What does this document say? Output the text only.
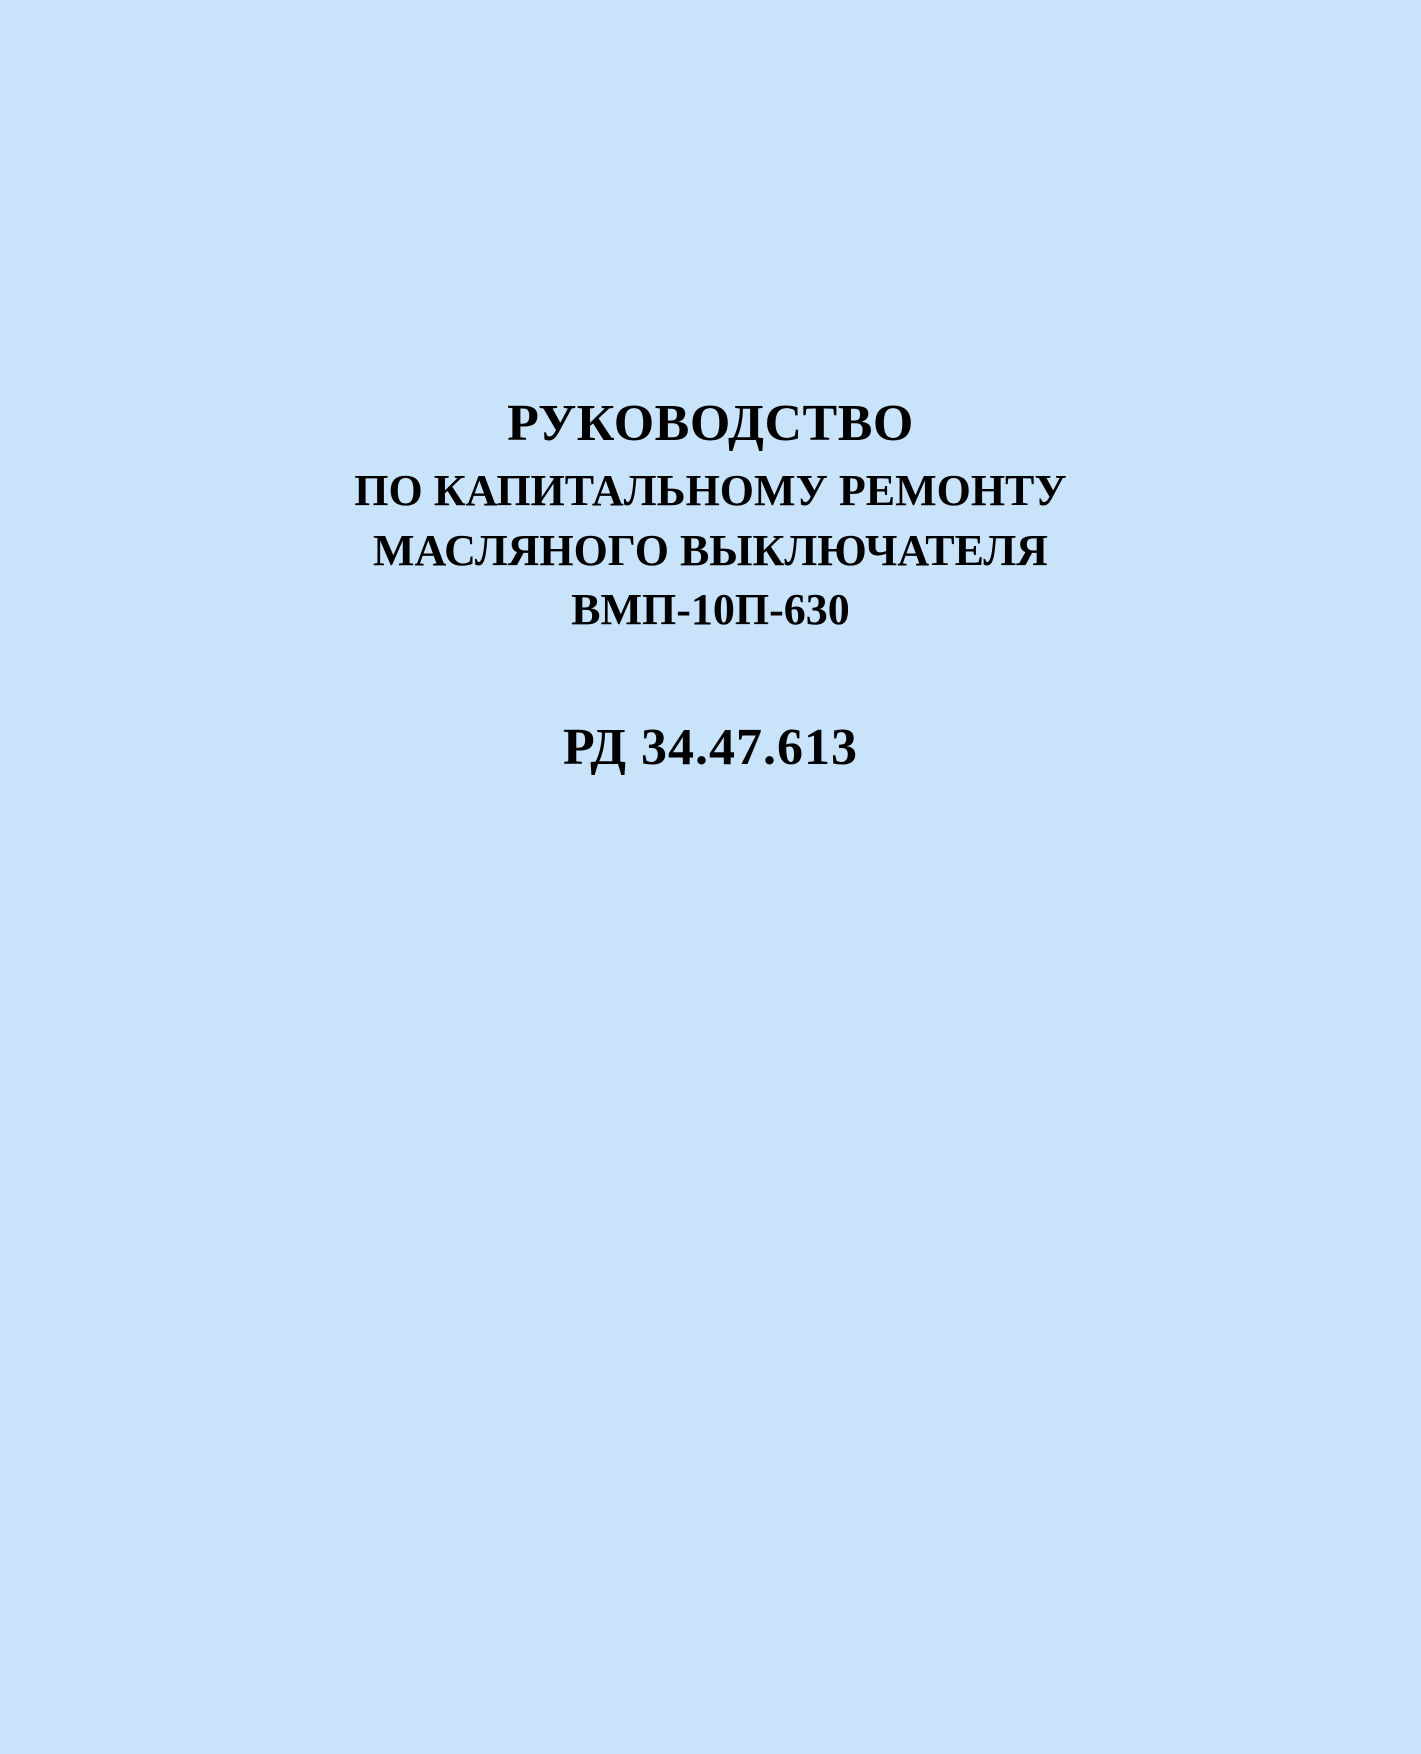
РУКОВОДСТВО
ПО КАПИТАЛЬНОМУ РЕМОНТУ
МАСЛЯНОГО ВЫКЛЮЧАТЕЛЯ
ВМП-10П-630
РД 34.47.613
